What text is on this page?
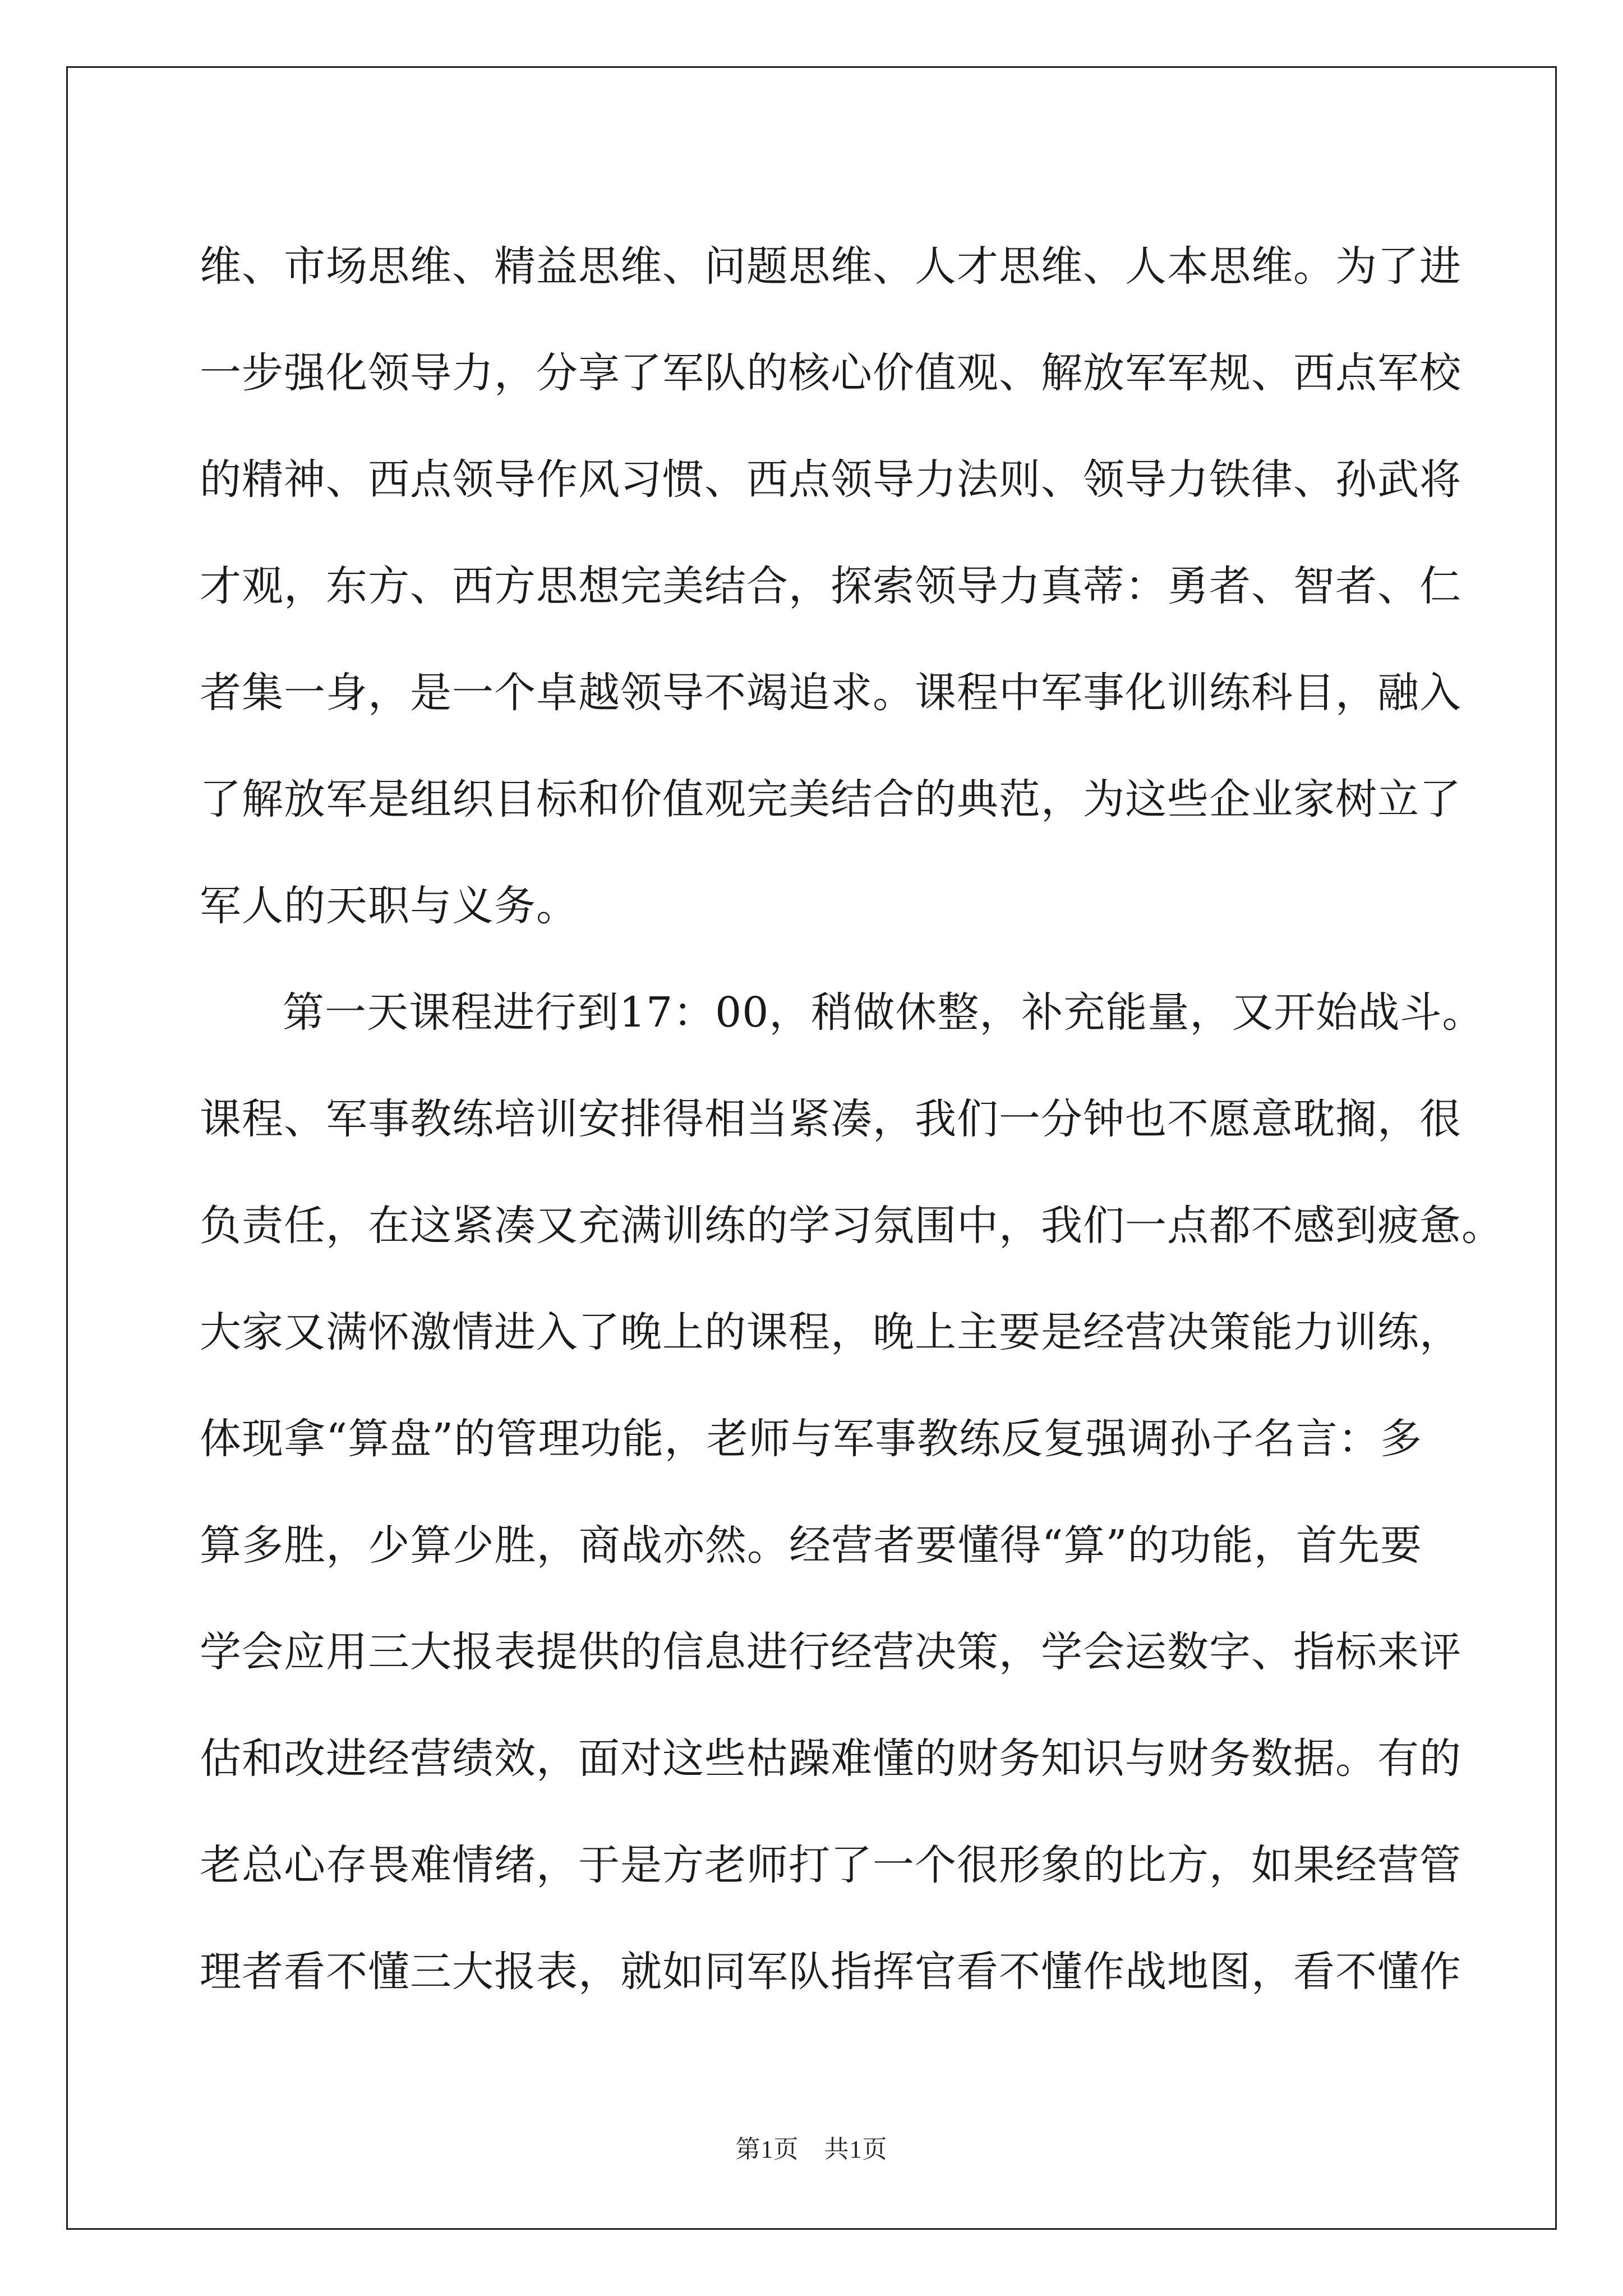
维、市场思维、精益思维、问题思维、人才思维、人本思维。为了进
一步强化领导力，分享了军队的核心价值观、解放军军规、西点军校
的精神、西点领导作风习惯、西点领导力法则、领导力铁律、孙武将
才观，东方、西方思想完美结合，探索领导力真蒂：勇者、智者、仁
者集一身，是一个卓越领导不竭追求。课程中军事化训练科目，融入
了解放军是组织目标和价值观完美结合的典范，为这些企业家树立了
军人的天职与义务。
第一天课程进行到17：00，稍做休整，补充能量，又开始战斗。
课程、军事教练培训安排得相当紧凑，我们一分钟也不愿意耽搁，很
负责任，在这紧凑又充满训练的学习氛围中，我们一点都不感到疲惫。
大家又满怀激情进入了晚上的课程，晚上主要是经营决策能力训练，
体现拿“算盘”的管理功能，老师与军事教练反复强调孙子名言：多
算多胜，少算少胜，商战亦然。经营者要懂得“算”的功能，首先要
学会应用三大报表提供的信息进行经营决策，学会运数字、指标来评
估和改进经营绩效，面对这些枯躁难懂的财务知识与财务数据。有的
老总心存畏难情绪，于是方老师打了一个很形象的比方，如果经营管
理者看不懂三大报表，就如同军队指挥官看不懂作战地图，看不懂作
第1页　共1页
